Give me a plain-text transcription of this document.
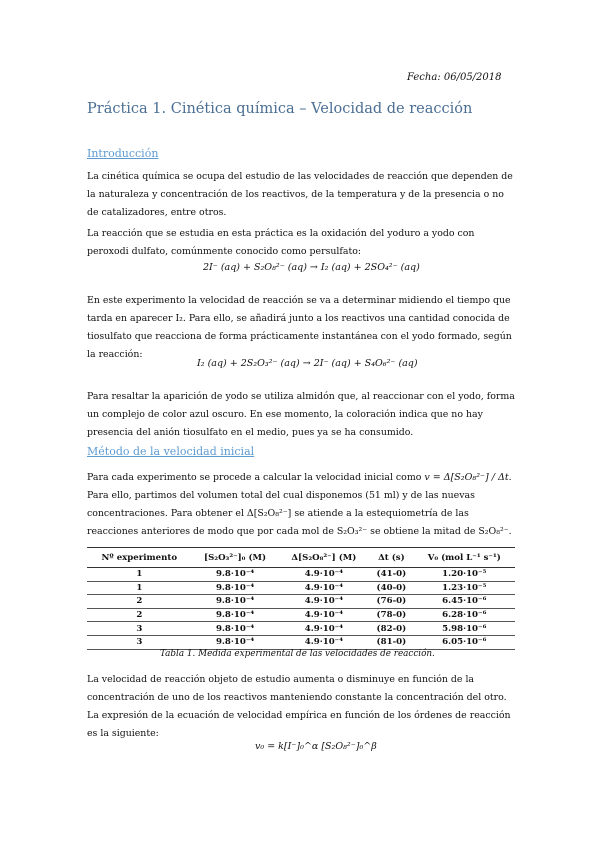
Fecha: 06/05/2018
Práctica 1. Cinética química – Velocidad de reacción
Introducción
La cinética química se ocupa del estudio de las velocidades de reacción que dependen de la naturaleza y concentración de los reactivos, de la temperatura y de la presencia o no de catalizadores, entre otros.
La reacción que se estudia en esta práctica es la oxidación del yoduro a yodo con peroxodi dulfato, comúnmente conocido como persulfato:
2I⁻ (aq) + S₂O₈²⁻ (aq) → I₂ (aq) + 2SO₄²⁻ (aq)
En este experimento la velocidad de reacción se va a determinar midiendo el tiempo que tarda en aparecer I₂. Para ello, se añadirá junto a los reactivos una cantidad conocida de tiosulfato que reacciona de forma prácticamente instantánea con el yodo formado, según la reacción:
I₂ (aq) + 2S₂O₃²⁻ (aq) → 2I⁻ (aq) + S₄O₆²⁻ (aq)
Para resaltar la aparición de yodo se utiliza almidón que, al reaccionar con el yodo, forma un complejo de color azul oscuro. En ese momento, la coloración indica que no hay presencia del anión tiosulfato en el medio, pues ya se ha consumido.
Método de la velocidad inicial
Para cada experimento se procede a calcular la velocidad inicial como v = Δ[S₂O₈²⁻] / Δt. Para ello, partimos del volumen total del cual disponemos (51 ml) y de las nuevas concentraciones. Para obtener el Δ[S₂O₈²⁻] se atiende a la estequiometría de las reacciones anteriores de modo que por cada mol de S₂O₃²⁻ se obtiene la mitad de S₂O₈²⁻.
Nº experimento	[S₂O₃²⁻]₀ (M)	Δ[S₂O₈²⁻] (M)	Δt (s)	V₀ (mol L⁻¹ s⁻¹)
1	9.8·10⁻⁴	4.9·10⁻⁴	(41-0)	1.20·10⁻⁵
1	9.8·10⁻⁴	4.9·10⁻⁴	(40-0)	1.23·10⁻⁵
2	9.8·10⁻⁴	4.9·10⁻⁴	(76-0)	6.45·10⁻⁶
2	9.8·10⁻⁴	4.9·10⁻⁴	(78-0)	6.28·10⁻⁶
3	9.8·10⁻⁴	4.9·10⁻⁴	(82-0)	5.98·10⁻⁶
3	9.8·10⁻⁴	4.9·10⁻⁴	(81-0)	6.05·10⁻⁶
Tabla 1. Medida experimental de las velocidades de reacción.
La velocidad de reacción objeto de estudio aumenta o disminuye en función de la concentración de uno de los reactivos manteniendo constante la concentración del otro. La expresión de la ecuación de velocidad empírica en función de los órdenes de reacción es la siguiente:
v₀ = k[I⁻]₀^α [S₂O₈²⁻]₀^β
